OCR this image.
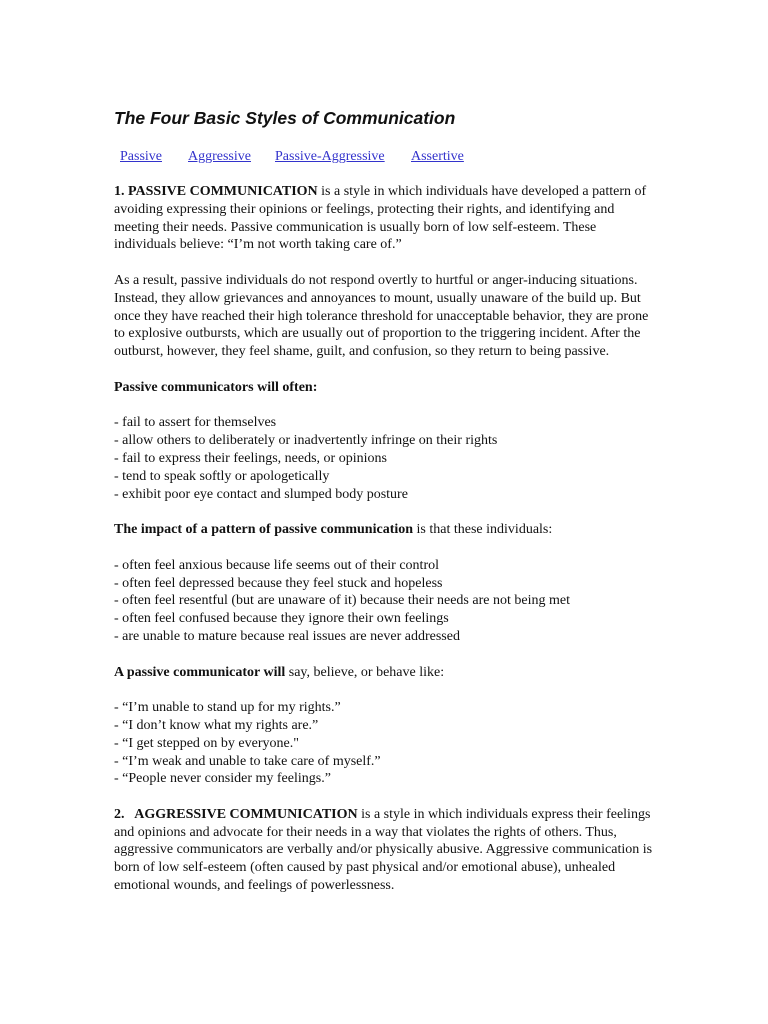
The Four Basic Styles of Communication
Passive Aggressive Passive-Aggressive Assertive

1. PASSIVE COMMUNICATION is a style in which individuals have developed a pattern of avoiding expressing their opinions or feelings, protecting their rights, and identifying and meeting their needs. Passive communication is usually born of low self-esteem. These individuals believe: “I’m not worth taking care of.”

As a result, passive individuals do not respond overtly to hurtful or anger-inducing situations. Instead, they allow grievances and annoyances to mount, usually unaware of the build up. But once they have reached their high tolerance threshold for unacceptable behavior, they are prone to explosive outbursts, which are usually out of proportion to the triggering incident. After the outburst, however, they feel shame, guilt, and confusion, so they return to being passive.

Passive communicators will often:

- fail to assert for themselves
- allow others to deliberately or inadvertently infringe on their rights
- fail to express their feelings, needs, or opinions
- tend to speak softly or apologetically
- exhibit poor eye contact and slumped body posture

The impact of a pattern of passive communication is that these individuals:

- often feel anxious because life seems out of their control
- often feel depressed because they feel stuck and hopeless
- often feel resentful (but are unaware of it) because their needs are not being met
- often feel confused because they ignore their own feelings
- are unable to mature because real issues are never addressed

A passive communicator will say, believe, or behave like:

- “I’m unable to stand up for my rights.”
- “I don’t know what my rights are.”
- “I get stepped on by everyone."
- “I’m weak and unable to take care of myself.”
- “People never consider my feelings.”

2.   AGGRESSIVE COMMUNICATION is a style in which individuals express their feelings and opinions and advocate for their needs in a way that violates the rights of others. Thus, aggressive communicators are verbally and/or physically abusive. Aggressive communication is born of low self-esteem (often caused by past physical and/or emotional abuse), unhealed emotional wounds, and feelings of powerlessness.
